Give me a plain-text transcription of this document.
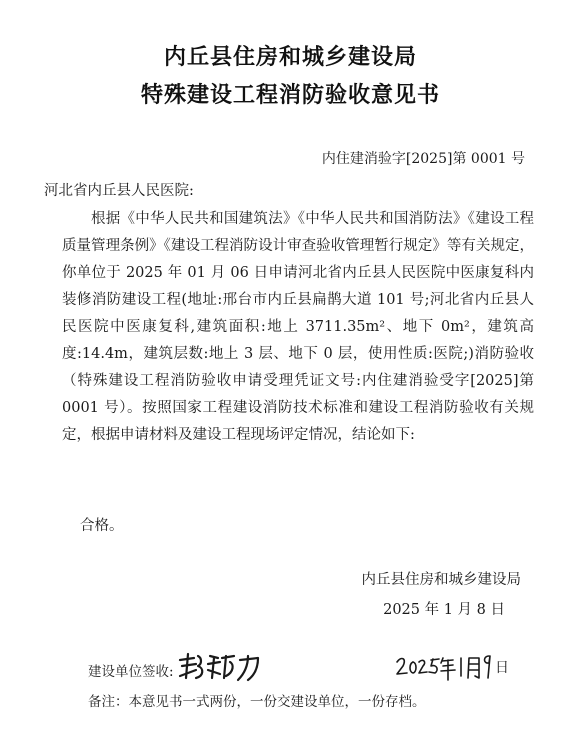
内丘县住房和城乡建设局
特殊建设工程消防验收意见书
内住建消验字[2025]第 0001 号
河北省内丘县人民医院:

根据《中华人民共和国建筑法》《中华人民共和国消防法》《建设工程质量管理条例》《建设工程消防设计审查验收管理暂行规定》等有关规定，你单位于 2025 年 01 月 06 日申请河北省内丘县人民医院中医康复科内装修消防建设工程(地址:邢台市内丘县扁鹊大道 101 号;河北省内丘县人民医院中医康复科,建筑面积:地上 3711.35m²、地下 0m²，建筑高度:14.4m，建筑层数:地上 3 层、地下 0 层，使用性质:医院;)消防验收（特殊建设工程消防验收申请受理凭证文号:内住建消验受字[2025]第 0001 号）。按照国家工程建设消防技术标准和建设工程消防验收有关规定，根据申请材料及建设工程现场评定情况，结论如下:

合格。
内丘县住房和城乡建设局
2025 年 1 月 8 日
建设单位签收:	日
备注：本意见书一式两份，一份交建设单位，一份存档。
